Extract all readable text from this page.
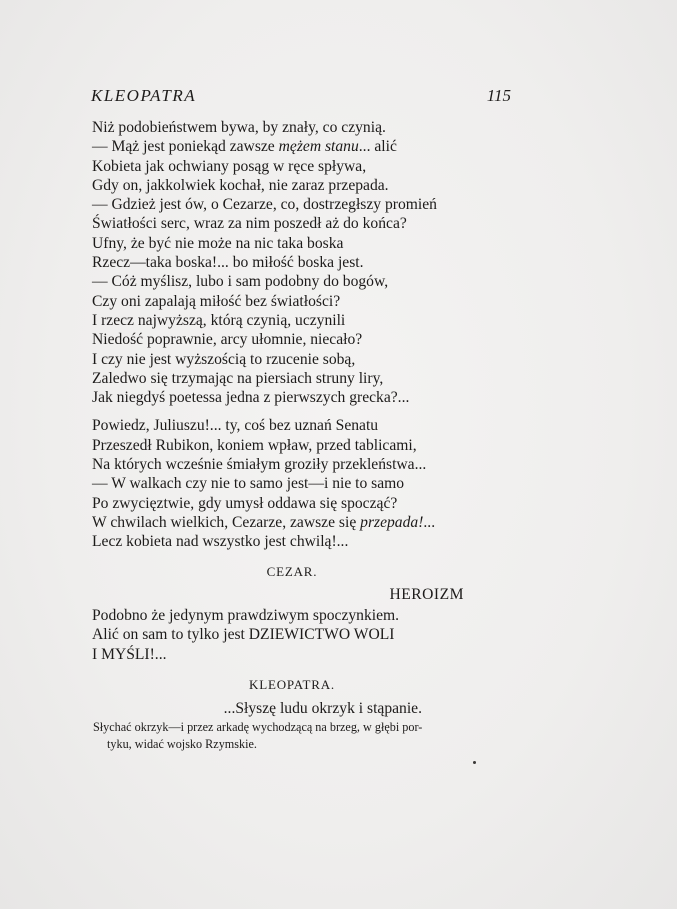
KLEOPATRA	115
Niż podobieństwem bywa, by znały, co czynią.
— Mąż jest poniekąd zawsze mężem stanu... alić
Kobieta jak ochwiany posąg w ręce spływa,
Gdy on, jakkolwiek kochał, nie zaraz przepada.
— Gdzież jest ów, o Cezarze, co, dostrzegłszy promień
Światłości serc, wraz za nim poszedł aż do końca?
Ufny, że być nie może na nic taka boska
Rzecz—taka boska!... bo miłość boska jest.
— Cóż myślisz, lubo i sam podobny do bogów,
Czy oni zapalają miłość bez światłości?
I rzecz najwyższą, którą czynią, uczynili
Niedość poprawnie, arcy ułomnie, niecało?
I czy nie jest wyższością to rzucenie sobą,
Zaledwo się trzymając na piersiach struny liry,
Jak niegdyś poetessa jedna z pierwszych grecka?...
Powiedz, Juliuszu!... ty, coś bez uznań Senatu
Przeszedł Rubikon, koniem wpław, przed tablicami,
Na których wcześnie śmiałym groziły przekleństwa...
— W walkach czy nie to samo jest—i nie to samo
Po zwycięztwie, gdy umysł oddawa się spocząć?
W chwilach wielkich, Cezarze, zawsze się przepada!...
Lecz kobieta nad wszystko jest chwilą!...
CEZAR.
HEROIZM
Podobno że jedynym prawdziwym spoczynkiem.
Alić on sam to tylko jest DZIEWICTWO WOLI
I MYŚLI!...
KLEOPATRA.
...Słyszę ludu okrzyk i stąpanie.
Słychać okrzyk—i przez arkadę wychodzącą na brzeg, w głębi por-
tyku, widać wojsko Rzymskie.
